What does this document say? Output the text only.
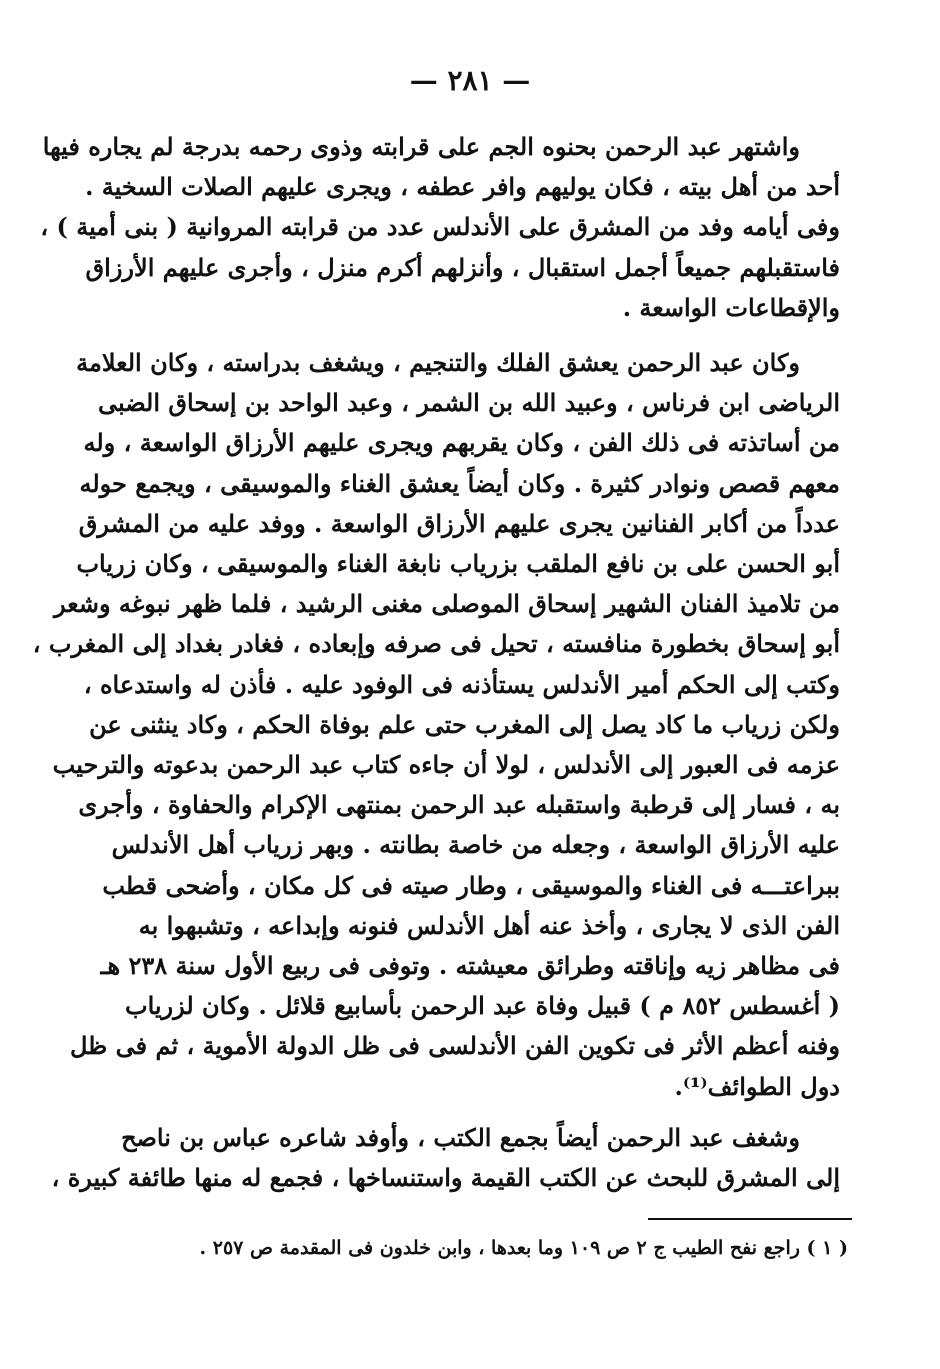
— ٢٨١ —
واشتهر عبد الرحمن بحنوه الجم على قرابته وذوى رحمه بدرجة لم يجاره فيها
أحد من أهل بيته ، فكان يوليهم وافر عطفه ، ويجرى عليهم الصلات السخية .
وفى أيامه وفد من المشرق على الأندلس عدد من قرابته المروانية ( بنى أمية ) ،
فاستقبلهم جميعاً أجمل استقبال ، وأنزلهم أكرم منزل ، وأجرى عليهم الأرزاق
والإقطاعات الواسعة .
وكان عبد الرحمن يعشق الفلك والتنجيم ، ويشغف بدراسته ، وكان العلامة
الرياضى ابن فرناس ، وعبيد الله بن الشمر ، وعبد الواحد بن إسحاق الضبى
من أساتذته فى ذلك الفن ، وكان يقربهم ويجرى عليهم الأرزاق الواسعة ، وله
معهم قصص ونوادر كثيرة . وكان أيضاً يعشق الغناء والموسيقى ، ويجمع حوله
عدداً من أكابر الفنانين يجرى عليهم الأرزاق الواسعة . ووفد عليه من المشرق
أبو الحسن على بن نافع الملقب بزرياب نابغة الغناء والموسيقى ، وكان زرياب
من تلاميذ الفنان الشهير إسحاق الموصلى مغنى الرشيد ، فلما ظهر نبوغه وشعر
أبو إسحاق بخطورة منافسته ، تحيل فى صرفه وإبعاده ، فغادر بغداد إلى المغرب ،
وكتب إلى الحكم أمير الأندلس يستأذنه فى الوفود عليه . فأذن له واستدعاه ،
ولكن زرياب ما كاد يصل إلى المغرب حتى علم بوفاة الحكم ، وكاد ينثنى عن
عزمه فى العبور إلى الأندلس ، لولا أن جاءه كتاب عبد الرحمن بدعوته والترحيب
به ، فسار إلى قرطبة واستقبله عبد الرحمن بمنتهى الإكرام والحفاوة ، وأجرى
عليه الأرزاق الواسعة ، وجعله من خاصة بطانته . وبهر زرياب أهل الأندلس
ببراعتـــه فى الغناء والموسيقى ، وطار صيته فى كل مكان ، وأضحى قطب
الفن الذى لا يجارى ، وأخذ عنه أهل الأندلس فنونه وإبداعه ، وتشبهوا به
فى مظاهر زيه وإناقته وطرائق معيشته . وتوفى فى ربيع الأول سنة ٢٣٨ هـ
( أغسطس ٨٥٢ م ) قبيل وفاة عبد الرحمن بأسابيع قلائل . وكان لزرياب
وفنه أعظم الأثر فى تكوين الفن الأندلسى فى ظل الدولة الأموية ، ثم فى ظل
دول الطوائف⁽¹⁾.
وشغف عبد الرحمن أيضاً بجمع الكتب ، وأوفد شاعره عباس بن ناصح
إلى المشرق للبحث عن الكتب القيمة واستنساخها ، فجمع له منها طائفة كبيرة ،
( ١ ) راجع نفح الطيب ج ٢ ص ١٠٩ وما بعدها ، وابن خلدون فى المقدمة ص ٢٥٧ .
